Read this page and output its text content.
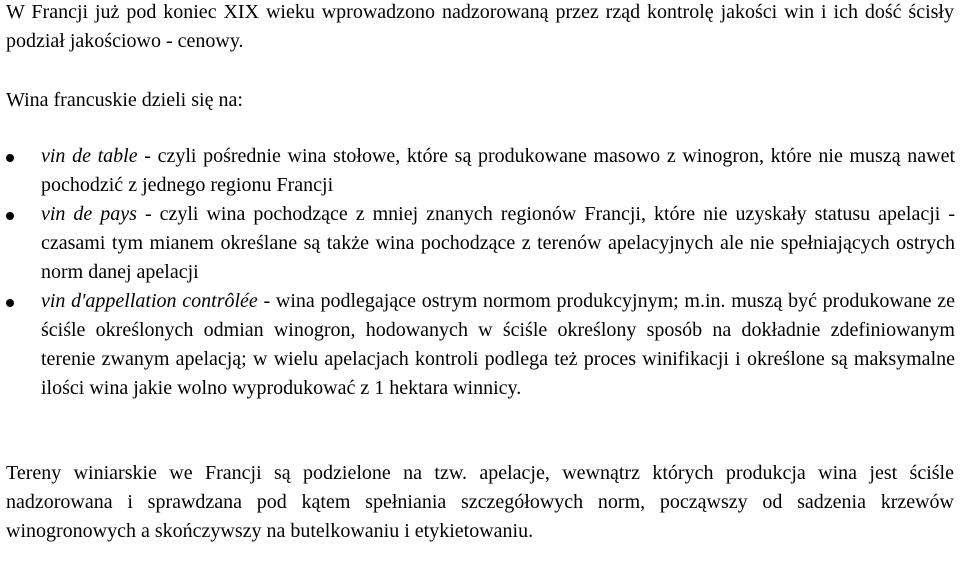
W Francji już pod koniec XIX wieku wprowadzono nadzorowaną przez rząd kontrolę jakości win i ich dość ścisły podział jakościowo - cenowy.

Wina francuskie dzieli się na:

vin de table - czyli pośrednie wina stołowe, które są produkowane masowo z winogron, które nie muszą nawet pochodzić z jednego regionu Francji
vin de pays - czyli wina pochodzące z mniej znanych regionów Francji, które nie uzyskały statusu apelacji - czasami tym mianem określane są także wina pochodzące z terenów apelacyjnych ale nie spełniających ostrych norm danej apelacji
vin d'appellation contrôlée - wina podlegające ostrym normom produkcyjnym; m.in. muszą być produkowane ze ściśle określonych odmian winogron, hodowanych w ściśle określony sposób na dokładnie zdefiniowanym terenie zwanym apelacją; w wielu apelacjach kontroli podlega też proces winifikacji i określone są maksymalne ilości wina jakie wolno wyprodukować z 1 hektara winnicy.

Tereny winiarskie we Francji są podzielone na tzw. apelacje, wewnątrz których produkcja wina jest ściśle nadzorowana i sprawdzana pod kątem spełniania szczegółowych norm, począwszy od sadzenia krzewów winogronowych a skończywszy na butelkowaniu i etykietowaniu.
